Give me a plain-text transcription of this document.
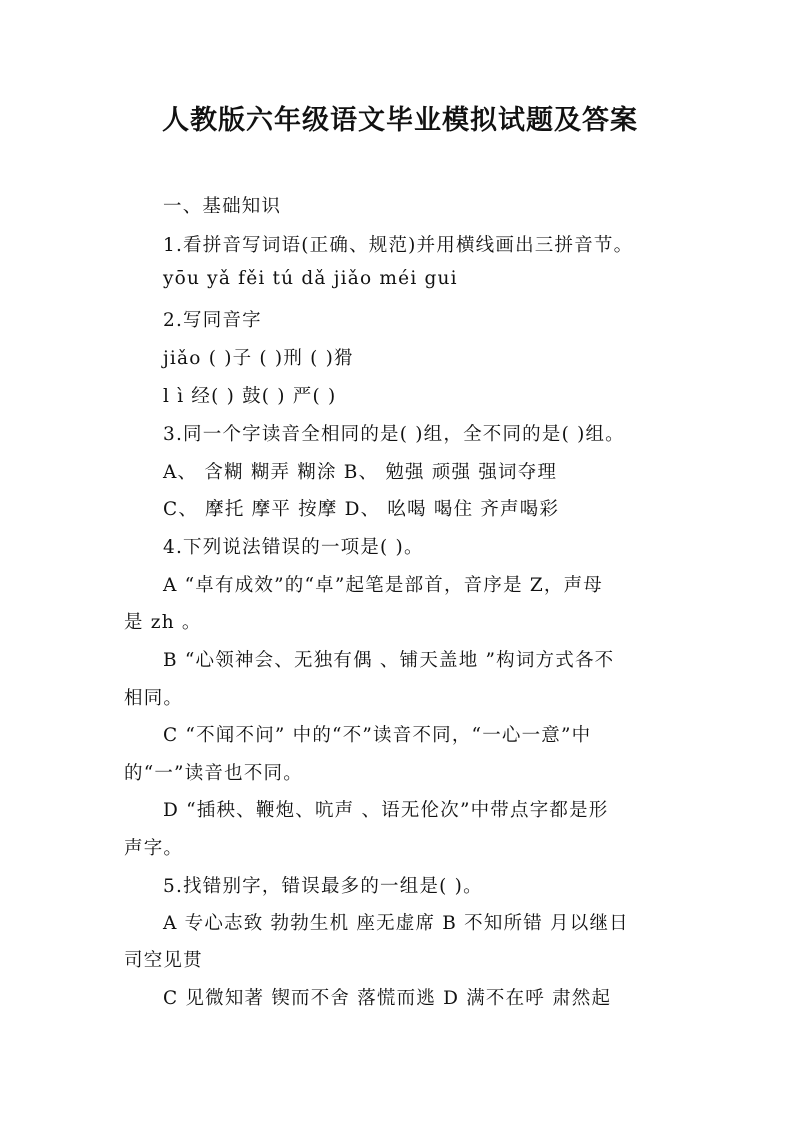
人教版六年级语文毕业模拟试题及答案
一、基础知识
1.看拼音写词语(正确、规范)并用横线画出三拼音节。
yōu yǎ fěi tú dǎ jiǎo méi gui
2.写同音字
jiǎo ( )子 ( )刑 ( )猾
l ì 经( ) 鼓( ) 严( )
3.同一个字读音全相同的是( )组，全不同的是( )组。
A、 含糊 糊弄 糊涂 B、 勉强 顽强 强词夺理
C、 摩托 摩平 按摩 D、 吆喝 喝住 齐声喝彩
4.下列说法错误的一项是( )。
A “卓有成效”的“卓”起笔是部首，音序是 Z，声母
是 zh 。
B “心领神会、无独有偶 、铺天盖地 ”构词方式各不
相同。
C “不闻不问” 中的“不”读音不同，“一心一意”中
的“一”读音也不同。
D “插秧、鞭炮、吭声 、语无伦次”中带点字都是形
声字。
5.找错别字，错误最多的一组是( )。
A 专心志致 勃勃生机 座无虚席 B 不知所错 月以继日
司空见贯
C 见微知著 锲而不舍 落慌而逃 D 满不在呼 肃然起
